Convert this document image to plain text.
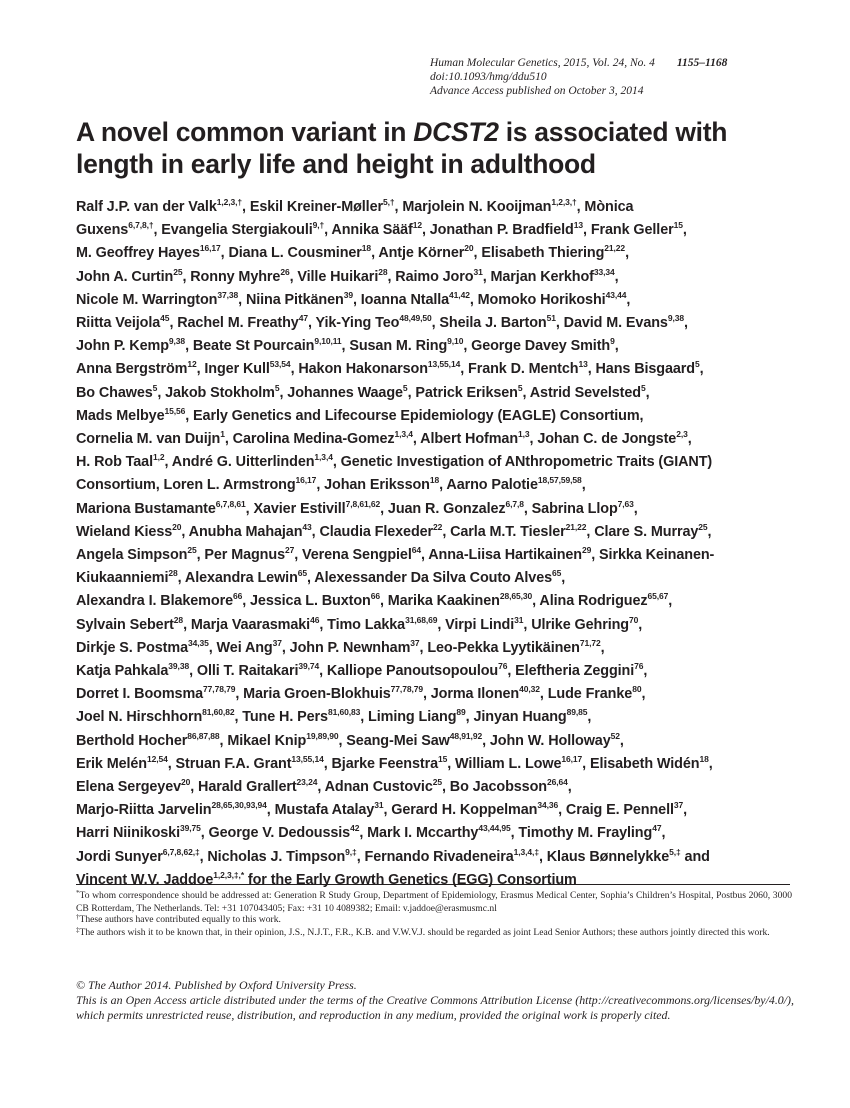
Human Molecular Genetics, 2015, Vol. 24, No. 4 1155–1168
doi:10.1093/hmg/ddu510
Advance Access published on October 3, 2014
A novel common variant in DCST2 is associated with
length in early life and height in adulthood
Ralf J.P. van der Valk$^{1,2,3,\dagger}$, Eskil Kreiner-Møller$^{5,\dagger}$, Marjolein N. Kooijman$^{1,2,3,\dagger}$, Mònica
Guxens$^{6,7,8,\dagger}$, Evangelia Stergiakouli$^{9,\dagger}$, Annika Sääf$^{12}$, Jonathan P. Bradfield$^{13}$, Frank Geller$^{15}$,
M. Geoffrey Hayes$^{16,17}$, Diana L. Cousminer$^{18}$, Antje Körner$^{20}$, Elisabeth Thiering$^{21,22}$,
John A. Curtin$^{25}$, Ronny Myhre$^{26}$, Ville Huikari$^{28}$, Raimo Joro$^{31}$, Marjan Kerkhof$^{33,34}$,
Nicole M. Warrington$^{37,38}$, Niina Pitkänen$^{39}$, Ioanna Ntalla$^{41,42}$, Momoko Horikoshi$^{43,44}$,
Riitta Veijola$^{45}$, Rachel M. Freathy$^{47}$, Yik-Ying Teo$^{48,49,50}$, Sheila J. Barton$^{51}$, David M. Evans$^{9,38}$,
John P. Kemp$^{9,38}$, Beate St Pourcain$^{9,10,11}$, Susan M. Ring$^{9,10}$, George Davey Smith$^9$,
Anna Bergström$^{12}$, Inger Kull$^{53,54}$, Hakon Hakonarson$^{13,55,14}$, Frank D. Mentch$^{13}$, Hans Bisgaard$^5$,
Bo Chawes$^5$, Jakob Stokholm$^5$, Johannes Waage$^5$, Patrick Eriksen$^5$, Astrid Sevelsted$^5$,
Mads Melbye$^{15,56}$, Early Genetics and Lifecourse Epidemiology (EAGLE) Consortium,
Cornelia M. van Duijn$^1$, Carolina Medina-Gomez$^{1,3,4}$, Albert Hofman$^{1,3}$, Johan C. de Jongste$^{2,3}$,
H. Rob Taal$^{1,2}$, André G. Uitterlinden$^{1,3,4}$, Genetic Investigation of ANthropometric Traits (GIANT)
Consortium, Loren L. Armstrong$^{16,17}$, Johan Eriksson$^{18}$, Aarno Palotie$^{18,57,59,58}$,
Mariona Bustamante$^{6,7,8,61}$, Xavier Estivill$^{7,8,61,62}$, Juan R. Gonzalez$^{6,7,8}$, Sabrina Llop$^{7,63}$,
Wieland Kiess$^{20}$, Anubha Mahajan$^{43}$, Claudia Flexeder$^{22}$, Carla M.T. Tiesler$^{21,22}$, Clare S. Murray$^{25}$,
Angela Simpson$^{25}$, Per Magnus$^{27}$, Verena Sengpiel$^{64}$, Anna-Liisa Hartikainen$^{29}$, Sirkka Keinanen-
Kiukaanniemi$^{28}$, Alexandra Lewin$^{65}$, Alexessander Da Silva Couto Alves$^{65}$,
Alexandra I. Blakemore$^{66}$, Jessica L. Buxton$^{66}$, Marika Kaakinen$^{28,65,30}$, Alina Rodriguez$^{65,67}$,
Sylvain Sebert$^{28}$, Marja Vaarasmaki$^{46}$, Timo Lakka$^{31,68,69}$, Virpi Lindi$^{31}$, Ulrike Gehring$^{70}$,
Dirkje S. Postma$^{34,35}$, Wei Ang$^{37}$, John P. Newnham$^{37}$, Leo-Pekka Lyytikäinen$^{71,72}$,
Katja Pahkala$^{39,38}$, Olli T. Raitakari$^{39,74}$, Kalliope Panoutsopoulou$^{76}$, Eleftheria Zeggini$^{76}$,
Dorret I. Boomsma$^{77,78,79}$, Maria Groen-Blokhuis$^{77,78,79}$, Jorma Ilonen$^{40,32}$, Lude Franke$^{80}$,
Joel N. Hirschhorn$^{81,60,82}$, Tune H. Pers$^{81,60,83}$, Liming Liang$^{89}$, Jinyan Huang$^{89,85}$,
Berthold Hocher$^{86,87,88}$, Mikael Knip$^{19,89,90}$, Seang-Mei Saw$^{48,91,92}$, John W. Holloway$^{52}$,
Erik Melén$^{12,54}$, Struan F.A. Grant$^{13,55,14}$, Bjarke Feenstra$^{15}$, William L. Lowe$^{16,17}$, Elisabeth Widén$^{18}$,
Elena Sergeyev$^{20}$, Harald Grallert$^{23,24}$, Adnan Custovic$^{25}$, Bo Jacobsson$^{26,64}$,
Marjo-Riitta Jarvelin$^{28,65,30,93,94}$, Mustafa Atalay$^{31}$, Gerard H. Koppelman$^{34,36}$, Craig E. Pennell$^{37}$,
Harri Niinikoski$^{39,75}$, George V. Dedoussis$^{42}$, Mark I. Mccarthy$^{43,44,95}$, Timothy M. Frayling$^{47}$,
Jordi Sunyer$^{6,7,8,62,\ddagger}$, Nicholas J. Timpson$^{9,\ddagger}$, Fernando Rivadeneira$^{1,3,4,\ddagger}$, Klaus Bønnelykke$^{5,\ddagger}$ and
Vincent W.V. Jaddoe$^{1,2,3,\ddagger,*}$ for the Early Growth Genetics (EGG) Consortium

*To whom correspondence should be addressed at: Generation R Study Group, Department of Epidemiology, Erasmus Medical Center, Sophia’s Children’s Hospital, Postbus 2060, 3000 CB Rotterdam, The Netherlands. Tel: +31 107043405; Fax: +31 10 4089382; Email: v.jaddoe@erasmusmc.nl

†These authors have contributed equally to this work.

‡The authors wish it to be known that, in their opinion, J.S., N.J.T., F.R., K.B. and V.W.V.J. should be regarded as joint Lead Senior Authors; these authors jointly directed this work.

© The Author 2014. Published by Oxford University Press.

This is an Open Access article distributed under the terms of the Creative Commons Attribution License (http://creativecommons.org/licenses/by/4.0/), which permits unrestricted reuse, distribution, and reproduction in any medium, provided the original work is properly cited.
